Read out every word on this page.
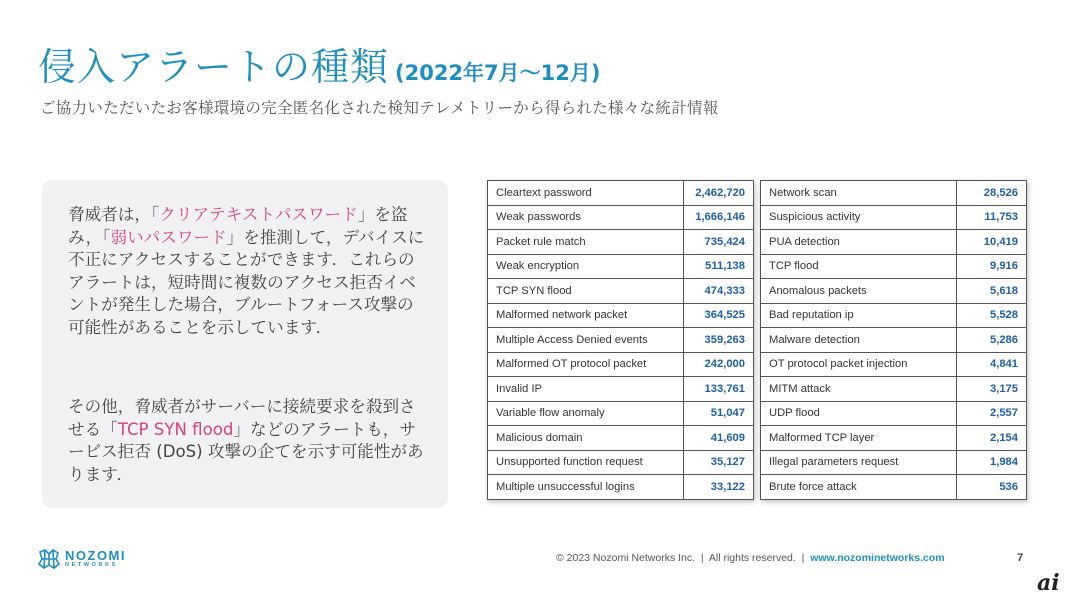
侵入アラートの種類 (2022年7月〜12月)
ご協力いただいたお客様環境の完全匿名化された検知テレメトリーから得られた様々な統計情報

脅威者は，「クリアテキストパスワード」を盗み，「弱いパスワード」を推測して，デバイスに不正にアクセスすることができます．これらのアラートは，短時間に複数のアクセス拒否イベントが発生した場合，ブルートフォース攻撃の可能性があることを示しています．

その他，脅威者がサーバーに接続要求を殺到させる「TCP SYN flood」などのアラートも，サービス拒否 (DoS) 攻撃の企てを示す可能性があります．

Cleartext password	2,462,720
Weak passwords	1,666,146
Packet rule match	735,424
Weak encryption	511,138
TCP SYN flood	474,333
Malformed network packet	364,525
Multiple Access Denied events	359,263
Malformed OT protocol packet	242,000
Invalid IP	133,761
Variable flow anomaly	51,047
Malicious domain	41,609
Unsupported function request	35,127
Multiple unsuccessful logins	33,122
Network scan	28,526
Suspicious activity	11,753
PUA detection	10,419
TCP flood	9,916
Anomalous packets	5,618
Bad reputation ip	5,528
Malware detection	5,286
OT protocol packet injection	4,841
MITM attack	3,175
UDP flood	2,557
Malformed TCP layer	2,154
Illegal parameters request	1,984
Brute force attack	536
NOZOMI
NETWORKS
© 2023 Nozomi Networks Inc.  |  All rights reserved.  |  www.nozominetworks.com	7
ai
